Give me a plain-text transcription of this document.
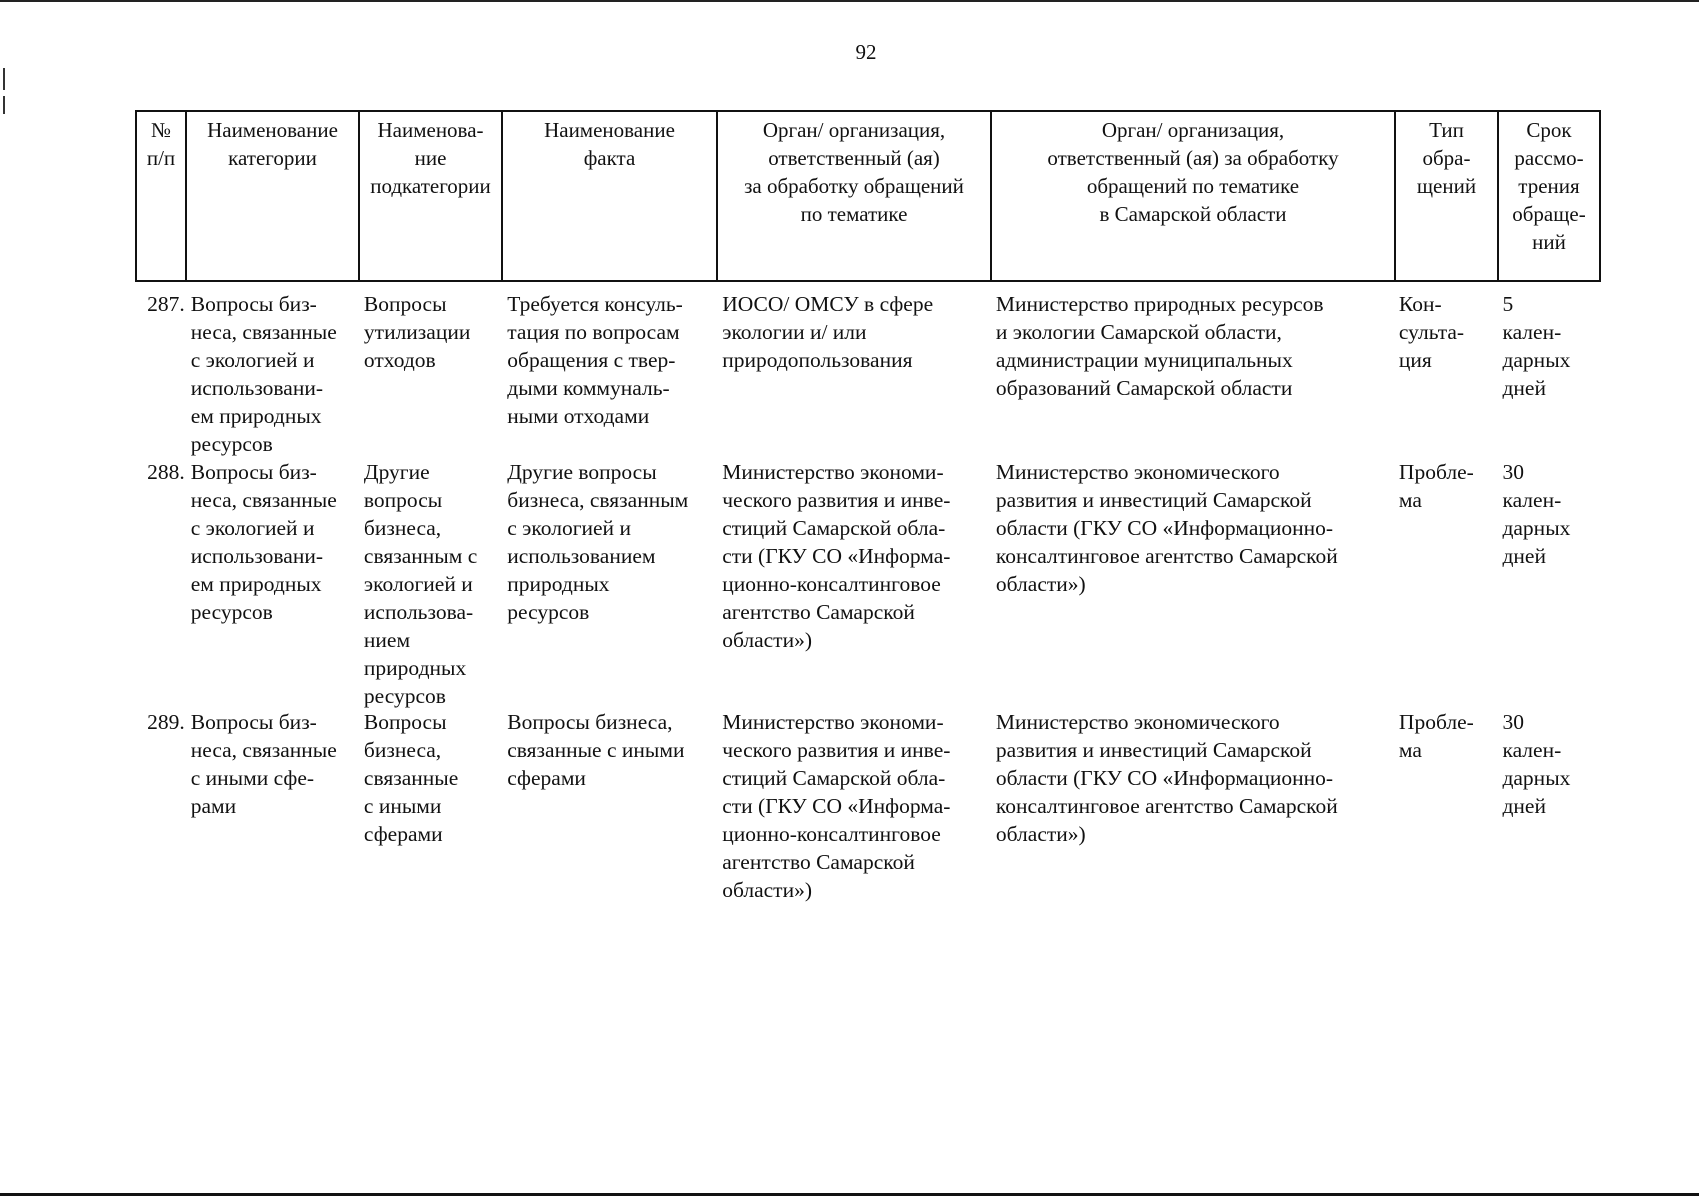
92
№
п/п
Наименование
категории
Наименова-
ние
подкатегории
Наименование
факта
Орган/ организация,
ответственный (ая)
за обработку обращений
по тематике
Орган/ организация,
ответственный (ая) за обработку
обращений по тематике
в Самарской области
Тип
обра-
щений
Срок
рассмо-
трения
обраще-
ний
287. Вопросы биз-
неса, связанные
с экологией и
использовани-
ем природных
ресурсов
Вопросы
утилизации
отходов
Требуется консуль-
тация по вопросам
обращения с твер-
дыми коммуналь-
ными отходами
ИОСО/ ОМСУ в сфере
экологии и/ или
природопользования
Министерство природных ресурсов
и экологии Самарской области,
администрации муниципальных
образований Самарской области
Кон-
сульта-
ция
5
кален-
дарных
дней
288. Вопросы биз-
неса, связанные
с экологией и
использовани-
ем природных
ресурсов
Другие
вопросы
бизнеса,
связанным с
экологией и
использова-
нием
природных
ресурсов
Другие вопросы
бизнеса, связанным
с экологией и
использованием
природных
ресурсов
Министерство экономи-
ческого развития и инве-
стиций Самарской обла-
сти (ГКУ СО «Информа-
ционно-консалтинговое
агентство Самарской
области»)
Министерство экономического
развития и инвестиций Самарской
области (ГКУ СО «Информационно-
консалтинговое агентство Самарской
области»)
Пробле-
ма
30
кален-
дарных
дней
289. Вопросы биз-
неса, связанные
с иными сфе-
рами
Вопросы
бизнеса,
связанные
с иными
сферами
Вопросы бизнеса,
связанные с иными
сферами
Министерство экономи-
ческого развития и инве-
стиций Самарской обла-
сти (ГКУ СО «Информа-
ционно-консалтинговое
агентство Самарской
области»)
Министерство экономического
развития и инвестиций Самарской
области (ГКУ СО «Информационно-
консалтинговое агентство Самарской
области»)
Пробле-
ма
30
кален-
дарных
дней
